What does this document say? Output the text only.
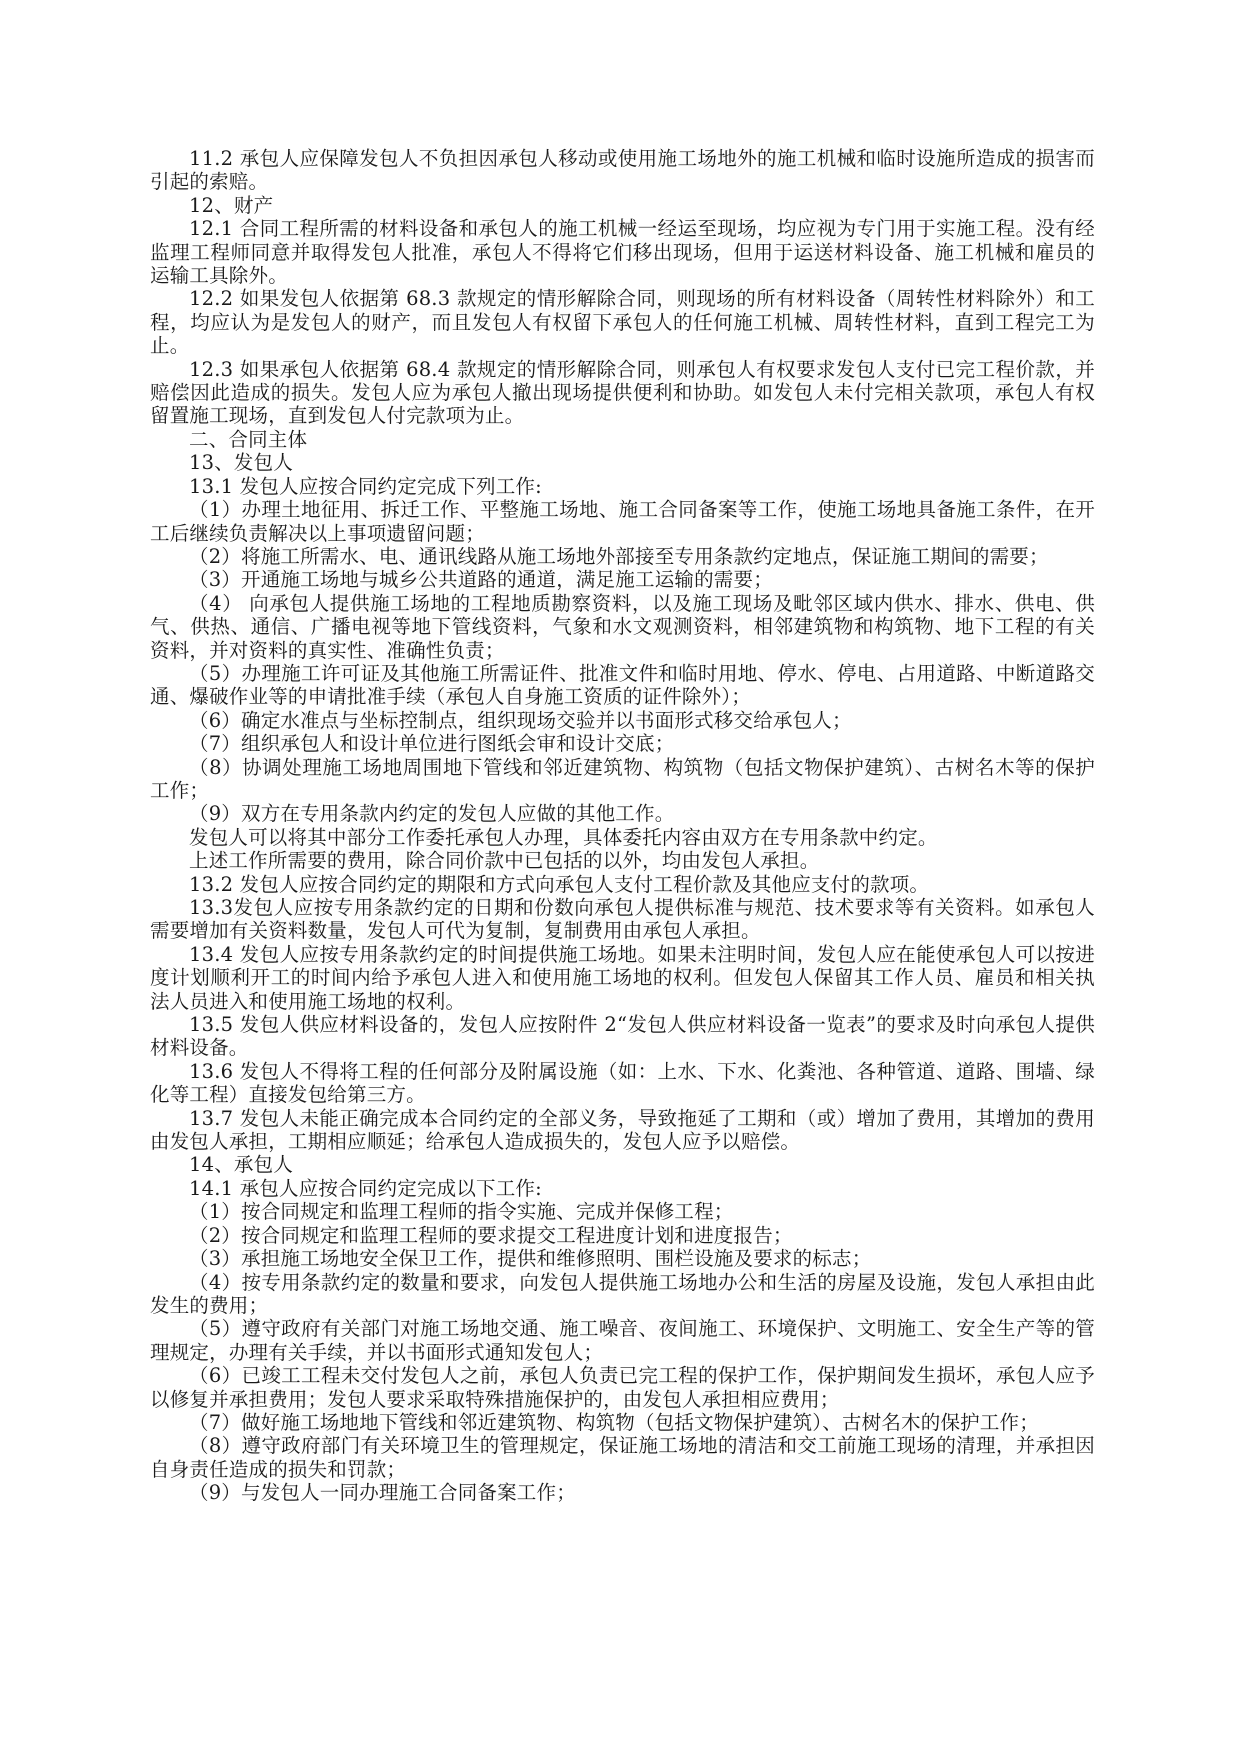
11.2 承包人应保障发包人不负担因承包人移动或使用施工场地外的施工机械和临时设施所造成的损害而引起的索赔。

12、财产

12.1 合同工程所需的材料设备和承包人的施工机械一经运至现场，均应视为专门用于实施工程。没有经监理工程师同意并取得发包人批准，承包人不得将它们移出现场，但用于运送材料设备、施工机械和雇员的运输工具除外。

12.2 如果发包人依据第 68.3 款规定的情形解除合同，则现场的所有材料设备（周转性材料除外）和工程，均应认为是发包人的财产，而且发包人有权留下承包人的任何施工机械、周转性材料，直到工程完工为止。

12.3 如果承包人依据第 68.4 款规定的情形解除合同，则承包人有权要求发包人支付已完工程价款，并赔偿因此造成的损失。发包人应为承包人撤出现场提供便利和协助。如发包人未付完相关款项，承包人有权留置施工现场，直到发包人付完款项为止。

二、合同主体

13、发包人

13.1 发包人应按合同约定完成下列工作:

（1）办理土地征用、拆迁工作、平整施工场地、施工合同备案等工作，使施工场地具备施工条件，在开工后继续负责解决以上事项遗留问题；

（2）将施工所需水、电、通讯线路从施工场地外部接至专用条款约定地点，保证施工期间的需要；

（3）开通施工场地与城乡公共道路的通道，满足施工运输的需要；

（4） 向承包人提供施工场地的工程地质勘察资料，以及施工现场及毗邻区域内供水、排水、供电、供气、供热、通信、广播电视等地下管线资料，气象和水文观测资料，相邻建筑物和构筑物、地下工程的有关资料，并对资料的真实性、准确性负责；

（5）办理施工许可证及其他施工所需证件、批准文件和临时用地、停水、停电、占用道路、中断道路交通、爆破作业等的申请批准手续（承包人自身施工资质的证件除外）；

（6）确定水准点与坐标控制点，组织现场交验并以书面形式移交给承包人；

（7）组织承包人和设计单位进行图纸会审和设计交底；

（8）协调处理施工场地周围地下管线和邻近建筑物、构筑物（包括文物保护建筑）、古树名木等的保护工作；

（9）双方在专用条款内约定的发包人应做的其他工作。

发包人可以将其中部分工作委托承包人办理，具体委托内容由双方在专用条款中约定。

上述工作所需要的费用，除合同价款中已包括的以外，均由发包人承担。

13.2 发包人应按合同约定的期限和方式向承包人支付工程价款及其他应支付的款项。

13.3发包人应按专用条款约定的日期和份数向承包人提供标准与规范、技术要求等有关资料。如承包人需要增加有关资料数量，发包人可代为复制，复制费用由承包人承担。

13.4 发包人应按专用条款约定的时间提供施工场地。如果未注明时间，发包人应在能使承包人可以按进度计划顺利开工的时间内给予承包人进入和使用施工场地的权利。但发包人保留其工作人员、雇员和相关执法人员进入和使用施工场地的权利。

13.5 发包人供应材料设备的，发包人应按附件 2“发包人供应材料设备一览表”的要求及时向承包人提供材料设备。

13.6 发包人不得将工程的任何部分及附属设施（如：上水、下水、化粪池、各种管道、道路、围墙、绿化等工程）直接发包给第三方。

13.7 发包人未能正确完成本合同约定的全部义务，导致拖延了工期和（或）增加了费用，其增加的费用由发包人承担，工期相应顺延；给承包人造成损失的，发包人应予以赔偿。

14、承包人

14.1 承包人应按合同约定完成以下工作:

（1）按合同规定和监理工程师的指令实施、完成并保修工程；

（2）按合同规定和监理工程师的要求提交工程进度计划和进度报告；

（3）承担施工场地安全保卫工作，提供和维修照明、围栏设施及要求的标志；

（4）按专用条款约定的数量和要求，向发包人提供施工场地办公和生活的房屋及设施，发包人承担由此发生的费用；

（5）遵守政府有关部门对施工场地交通、施工噪音、夜间施工、环境保护、文明施工、安全生产等的管理规定，办理有关手续，并以书面形式通知发包人；

（6）已竣工工程未交付发包人之前，承包人负责已完工程的保护工作，保护期间发生损坏，承包人应予以修复并承担费用；发包人要求采取特殊措施保护的，由发包人承担相应费用；

（7）做好施工场地地下管线和邻近建筑物、构筑物（包括文物保护建筑）、古树名木的保护工作；

（8）遵守政府部门有关环境卫生的管理规定，保证施工场地的清洁和交工前施工现场的清理，并承担因自身责任造成的损失和罚款；

（9）与发包人一同办理施工合同备案工作；
